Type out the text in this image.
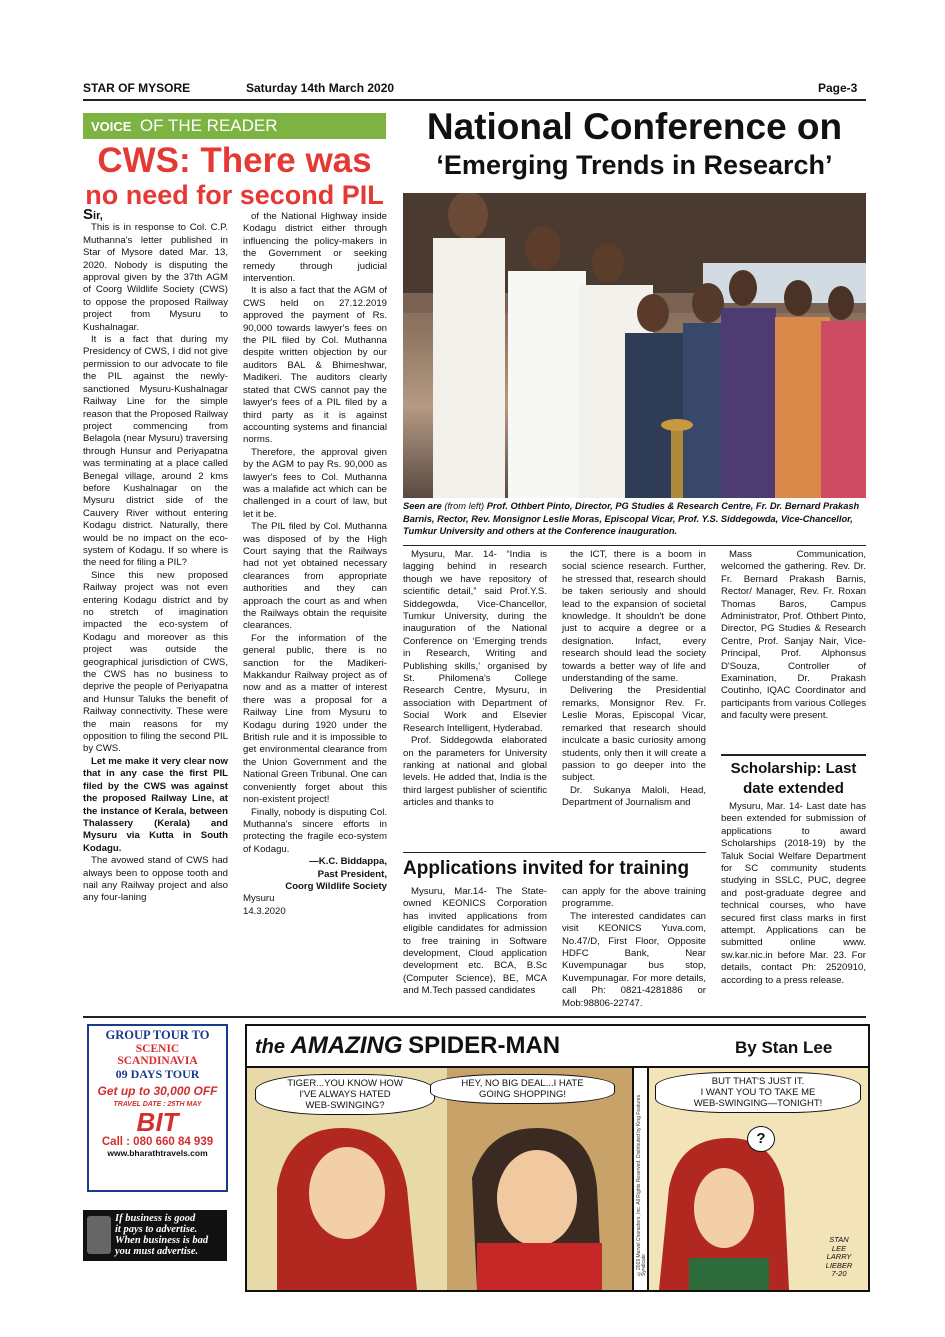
STAR OF MYSORE	Saturday 14th March 2020	Page-3
VOICE OF THE READER
CWS: There was
no need for second PIL
Sir,

This is in response to Col. C.P. Muthanna's letter published in Star of Mysore dated Mar. 13, 2020. Nobody is disputing the approval given by the 37th AGM of Coorg Wildlife Society (CWS) to oppose the proposed Railway project from Mysuru to Kushalnagar.

It is a fact that during my Presidency of CWS, I did not give permission to our advocate to file the PIL against the newly-sanctioned Mysuru-Kushalnagar Railway Line for the simple reason that the Proposed Railway project commencing from Belagola (near Mysuru) traversing through Hunsur and Periyapatna was terminating at a place called Benegal village, around 2 kms before Kushalnagar on the Mysuru district side of the Cauvery River without entering Kodagu district. Naturally, there would be no impact on the eco-system of Kodagu. If so where is the need for filing a PIL?

Since this new proposed Railway project was not even entering Kodagu district and by no stretch of imagination impacted the eco-system of Kodagu and moreover as this project was outside the geographical jurisdiction of CWS, the CWS has no business to deprive the people of Periyapatna and Hunsur Taluks the benefit of Railway connectivity. These were the main reasons for my opposition to filing the second PIL by CWS.

Let me make it very clear now that in any case the first PIL filed by the CWS was against the proposed Railway Line, at the instance of Kerala, between Thalassery (Kerala) and Mysuru via Kutta in South Kodagu.

The avowed stand of CWS had always been to oppose tooth and nail any Railway project and also any four-laning

of the National Highway inside Kodagu district either through influencing the policy-makers in the Government or seeking remedy through judicial intervention.

It is also a fact that the AGM of CWS held on 27.12.2019 approved the payment of Rs. 90,000 towards lawyer's fees on the PIL filed by Col. Muthanna despite written objection by our auditors BAL & Bhimeshwar, Madikeri. The auditors clearly stated that CWS cannot pay the lawyer's fees of a PIL filed by a third party as it is against accounting systems and financial norms.

Therefore, the approval given by the AGM to pay Rs. 90,000 as lawyer's fees to Col. Muthanna was a malafide act which can be challenged in a court of law, but let it be.

The PIL filed by Col. Muthanna was disposed of by the High Court saying that the Railways had not yet obtained necessary clearances from appropriate authorities and they can approach the court as and when the Railways obtain the requisite clearances.

For the information of the general public, there is no sanction for the Madikeri-Makkandur Railway project as of now and as a matter of interest there was a proposal for a Railway Line from Mysuru to Kodagu during 1920 under the British rule and it is impossible to get environmental clearance from the Union Government and the National Green Tribunal. One can conveniently forget about this non-existent project!

Finally, nobody is disputing Col. Muthanna's sincere efforts in protecting the fragile eco-system of Kodagu.

—K.C. Biddappa,
Past President,
Coorg Wildlife Society
Mysuru
14.3.2020
National Conference on
‘Emerging Trends in Research’
Seen are (from left) Prof. Othbert Pinto, Director, PG Studies & Research Centre, Fr. Dr. Bernard Prakash Barnis, Rector, Rev. Monsignor Leslie Moras, Episcopal Vicar, Prof. Y.S. Siddegowda, Vice-Chancellor, Tumkur University and others at the Conference inauguration.

Mysuru, Mar. 14- “India is lagging behind in research though we have repository of scientific detail,” said Prof.Y.S. Siddegowda, Vice-Chancellor, Tumkur University, during the inauguration of the National Conference on ‘Emerging trends in Research, Writing and Publishing skills,’ organised by St. Philomena's College Research Centre, Mysuru, in association with Department of Social Work and Elsevier Research Intelligent, Hyderabad.

Prof. Siddegowda elaborated on the parameters for University ranking at national and global levels. He added that, India is the third largest publisher of scientific articles and thanks to

the ICT, there is a boom in social science research. Further, he stressed that, research should be taken seriously and should lead to the expansion of societal knowledge. It shouldn't be done just to acquire a degree or a designation. Infact, every research should lead the society towards a better way of life and understanding of the same.

Delivering the Presidential remarks, Monsignor Rev. Fr. Leslie Moras, Episcopal Vicar, remarked that research should inculcate a basic curiosity among students, only then it will create a passion to go deeper into the subject.

Dr. Sukanya Maloli, Head, Department of Journalism and

Mass Communication, welcomed the gathering. Rev. Dr. Fr. Bernard Prakash Barnis, Rector/ Manager, Rev. Fr. Roxan Thomas Baros, Campus Administrator, Prof. Othbert Pinto, Director, PG Studies & Research Centre, Prof. Sanjay Nair, Vice-Principal, Prof. Alphonsus D'Souza, Controller of Examination, Dr. Prakash Coutinho, IQAC Coordinator and participants from various Colleges and faculty were present.

Applications invited for training

Mysuru, Mar.14- The State-owned KEONICS Corporation has invited applications from eligible candidates for admission to free training in Software development, Cloud application development etc. BCA, B.Sc (Computer Science), BE, MCA and M.Tech passed candidates

can apply for the above training programme.

The interested candidates can visit KEONICS Yuva.com, No.47/D, First Floor, Opposite HDFC Bank, Near Kuvempunagar bus stop, Kuvempunagar. For more details, call Ph: 0821-4281886 or Mob:98806-22747.

Scholarship: Last
date extended

Mysuru, Mar. 14- Last date has been extended for submission of applications to award Scholarships (2018-19) by the Taluk Social Welfare Department for SC community students studying in SSLC, PUC, degree and post-graduate degree and technical courses, who have secured first class marks in first attempt. Applications can be submitted online www. sw.kar.nic.in before Mar. 23. For details, contact Ph: 2520910, according to a press release.

GROUP TOUR TO
SCENIC
SCANDINAVIA
09 DAYS TOUR
Get up to 30,000 OFF
TRAVEL DATE : 25TH MAY
BIT
Call : 080 660 84 939
www.bharathtravels.com
If business is good
it pays to advertise.
When business is bad
you must advertise.
the AMAZING SPIDER-MAN	By Stan Lee
TIGER...YOU KNOW HOW
I'VE ALWAYS HATED
WEB-SWINGING?
HEY, NO BIG DEAL...I HATE
GOING SHOPPING!
©2019 Marvel Characters, Inc. All Rights Reserved. Distributed by King Features Syndicate
BUT THAT'S JUST IT.
I WANT YOU TO TAKE ME
WEB-SWINGING—TONIGHT!
?
STAN
LEE
LARRY
LIEBER
7-20
